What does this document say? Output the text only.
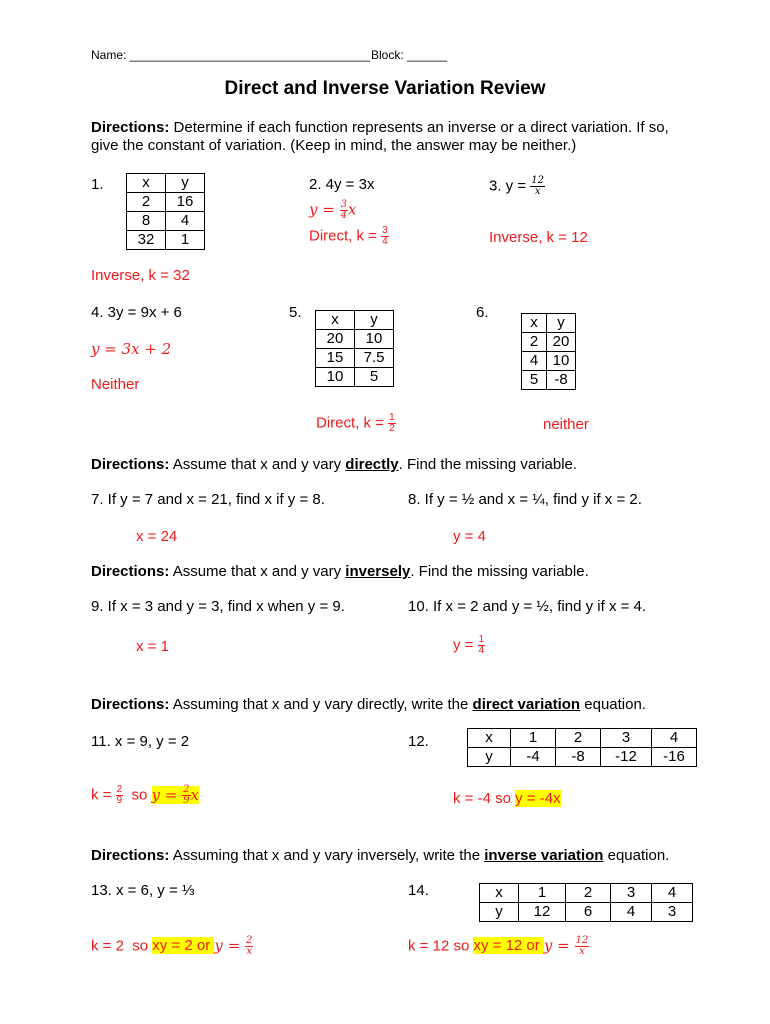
Name: ____________________________________ Block: ______
Direct and Inverse Variation Review
Directions: Determine if each function represents an inverse or a direct variation. If so,
give the constant of variation. (Keep in mind, the answer may be neither.)
1.	x	y
2	16
8	4
32	1
Inverse, k = 32
2. 4y = 3x
$y = \frac{3}{4}$ x
Direct, $k = \frac{3}{4}$
3. $y = \frac{12}{x}$
Inverse, k = 12
4. 3y = 9x + 6
y = 3x + 2
Neither
5. x	y
20	10
15	7.5
10	5
Direct, $k = \frac{1}{2}$
6.
x	y
2	20
4	10
5	-8
neither
Directions: Assume that x and y vary directly. Find the missing variable.
7. If y = 7 and x = 21, find x if y = 8.
x = 24
8. If y = ½ and x = ¼, find y if x = 2.
y = 4
Directions: Assume that x and y vary inversely. Find the missing variable.
9. If x = 3 and y = 3, find x when y = 9.
x = 1
10. If x = 2 and y = ½, find y if x = 4.
$y = \frac{1}{4}$
Directions: Assuming that x and y vary directly, write the direct variation equation.
11. x = 9, y = 2
$k = \frac{2}{9}$ so $y = \frac{2}{9}$ x
12.	x	1	2	3	4
y	-4	-8	-12	-16
k = -4 so y = -4x
Directions: Assuming that x and y vary inversely, write the inverse variation equation.
13. x = 6, y = ⅓
k = 2  so xy = 2 or $y = \frac{2}{x}$
14.	x	1	2	3	4
y	12	6	4	3
k = 12 so xy = 12 or $y = \frac{12}{x}$
